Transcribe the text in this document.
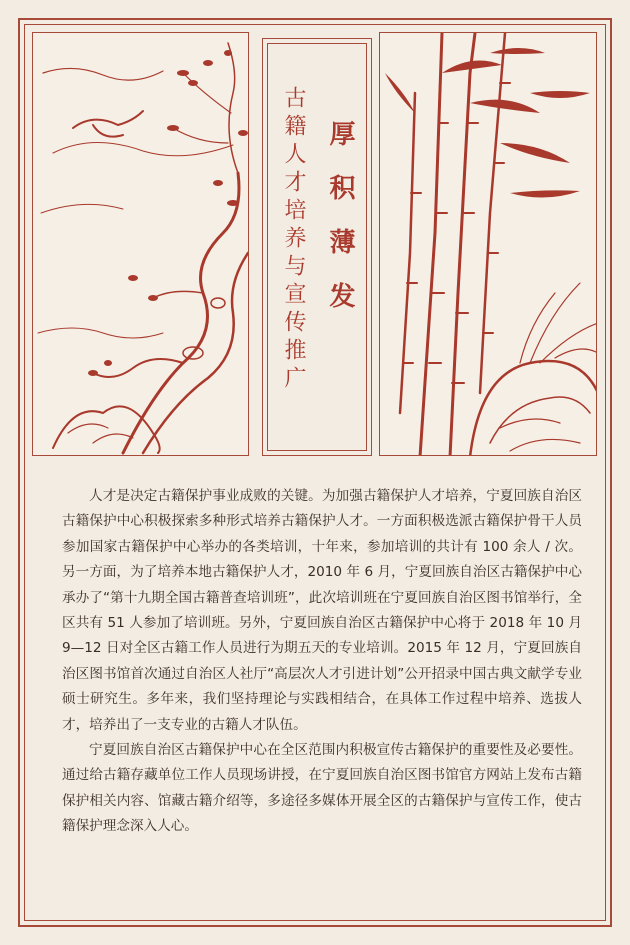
厚积薄发
古籍人才培养与宣传推广

人才是决定古籍保护事业成败的关键。为加强古籍保护人才培养，宁夏回族自治区古籍保护中心积极探索多种形式培养古籍保护人才。一方面积极选派古籍保护骨干人员参加国家古籍保护中心举办的各类培训，十年来，参加培训的共计有 100 余人 / 次。另一方面，为了培养本地古籍保护人才，2010 年 6 月，宁夏回族自治区古籍保护中心承办了“第十九期全国古籍普查培训班”，此次培训班在宁夏回族自治区图书馆举行，全区共有 51 人参加了培训班。另外，宁夏回族自治区古籍保护中心将于 2018 年 10 月 9—12 日对全区古籍工作人员进行为期五天的专业培训。2015 年 12 月，宁夏回族自治区图书馆首次通过自治区人社厅“高层次人才引进计划”公开招录中国古典文献学专业硕士研究生。多年来，我们坚持理论与实践相结合，在具体工作过程中培养、选拔人才，培养出了一支专业的古籍人才队伍。

宁夏回族自治区古籍保护中心在全区范围内积极宣传古籍保护的重要性及必要性。通过给古籍存藏单位工作人员现场讲授，在宁夏回族自治区图书馆官方网站上发布古籍保护相关内容、馆藏古籍介绍等，多途径多媒体开展全区的古籍保护与宣传工作，使古籍保护理念深入人心。
